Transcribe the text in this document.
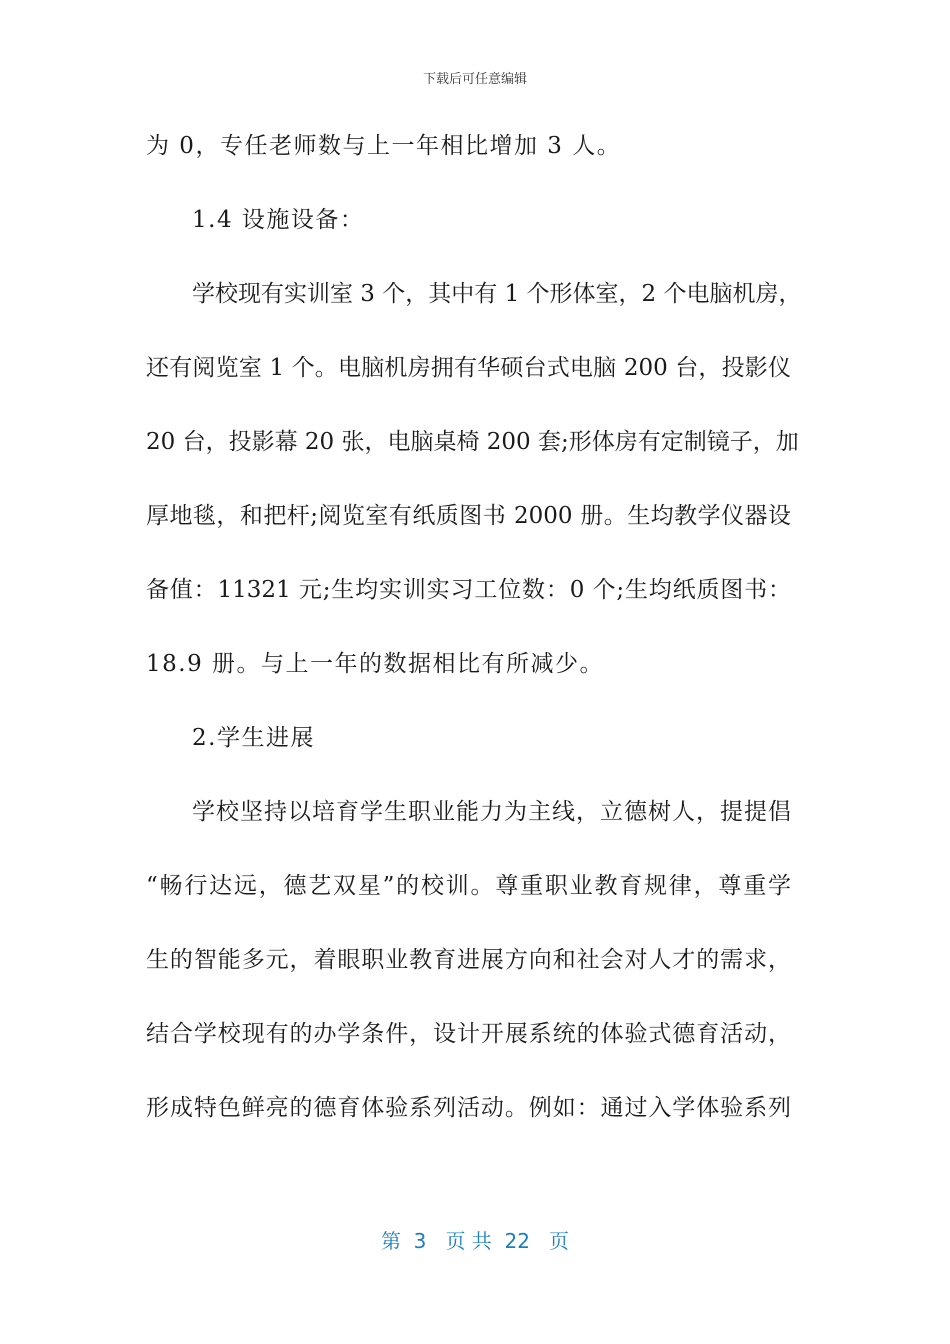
下载后可任意编辑
为 0，专任老师数与上一年相比增加 3 人。
1.4 设施设备：
学校现有实训室 3 个，其中有 1 个形体室，2 个电脑机房，
还有阅览室 1 个。电脑机房拥有华硕台式电脑 200 台，投影仪
20 台，投影幕 20 张，电脑桌椅 200 套;形体房有定制镜子，加
厚地毯，和把杆;阅览室有纸质图书 2000 册。生均教学仪器设
备值：11321 元;生均实训实习工位数：0 个;生均纸质图书：
18.9 册。与上一年的数据相比有所减少。
2.学生进展
学校坚持以培育学生职业能力为主线，立德树人，提提倡
“畅行达远，德艺双星”的校训。尊重职业教育规律，尊重学
生的智能多元，着眼职业教育进展方向和社会对人才的需求，
结合学校现有的办学条件，设计开展系统的体验式德育活动，
形成特色鲜亮的德育体验系列活动。例如：通过入学体验系列
第  3   页 共  22   页
